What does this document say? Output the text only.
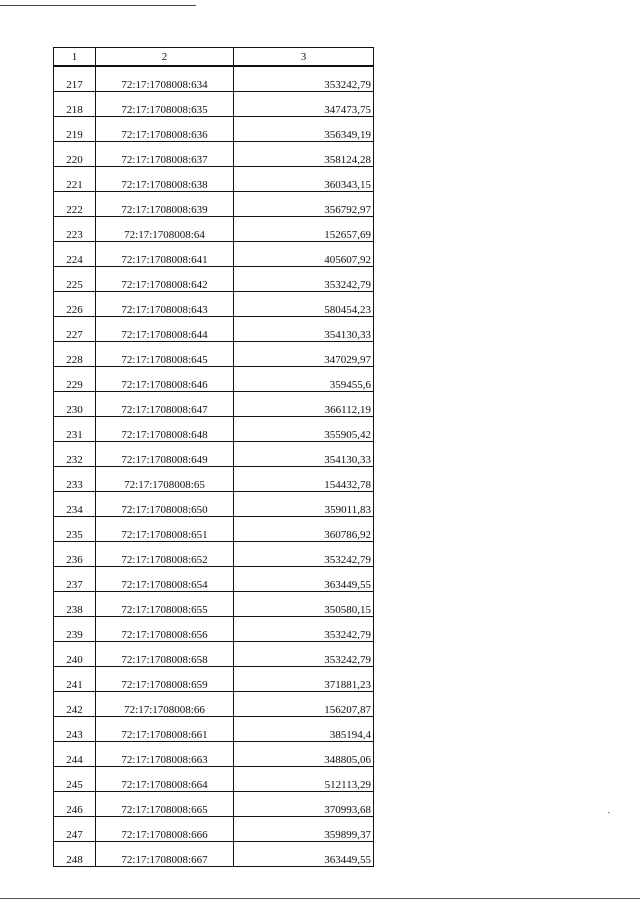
1	2	3
217	72:17:1708008:634	353242,79
218	72:17:1708008:635	347473,75
219	72:17:1708008:636	356349,19
220	72:17:1708008:637	358124,28
221	72:17:1708008:638	360343,15
222	72:17:1708008:639	356792,97
223	72:17:1708008:64	152657,69
224	72:17:1708008:641	405607,92
225	72:17:1708008:642	353242,79
226	72:17:1708008:643	580454,23
227	72:17:1708008:644	354130,33
228	72:17:1708008:645	347029,97
229	72:17:1708008:646	359455,6
230	72:17:1708008:647	366112,19
231	72:17:1708008:648	355905,42
232	72:17:1708008:649	354130,33
233	72:17:1708008:65	154432,78
234	72:17:1708008:650	359011,83
235	72:17:1708008:651	360786,92
236	72:17:1708008:652	353242,79
237	72:17:1708008:654	363449,55
238	72:17:1708008:655	350580,15
239	72:17:1708008:656	353242,79
240	72:17:1708008:658	353242,79
241	72:17:1708008:659	371881,23
242	72:17:1708008:66	156207,87
243	72:17:1708008:661	385194,4
244	72:17:1708008:663	348805,06
245	72:17:1708008:664	512113,29
246	72:17:1708008:665	370993,68
247	72:17:1708008:666	359899,37
248	72:17:1708008:667	363449,55
